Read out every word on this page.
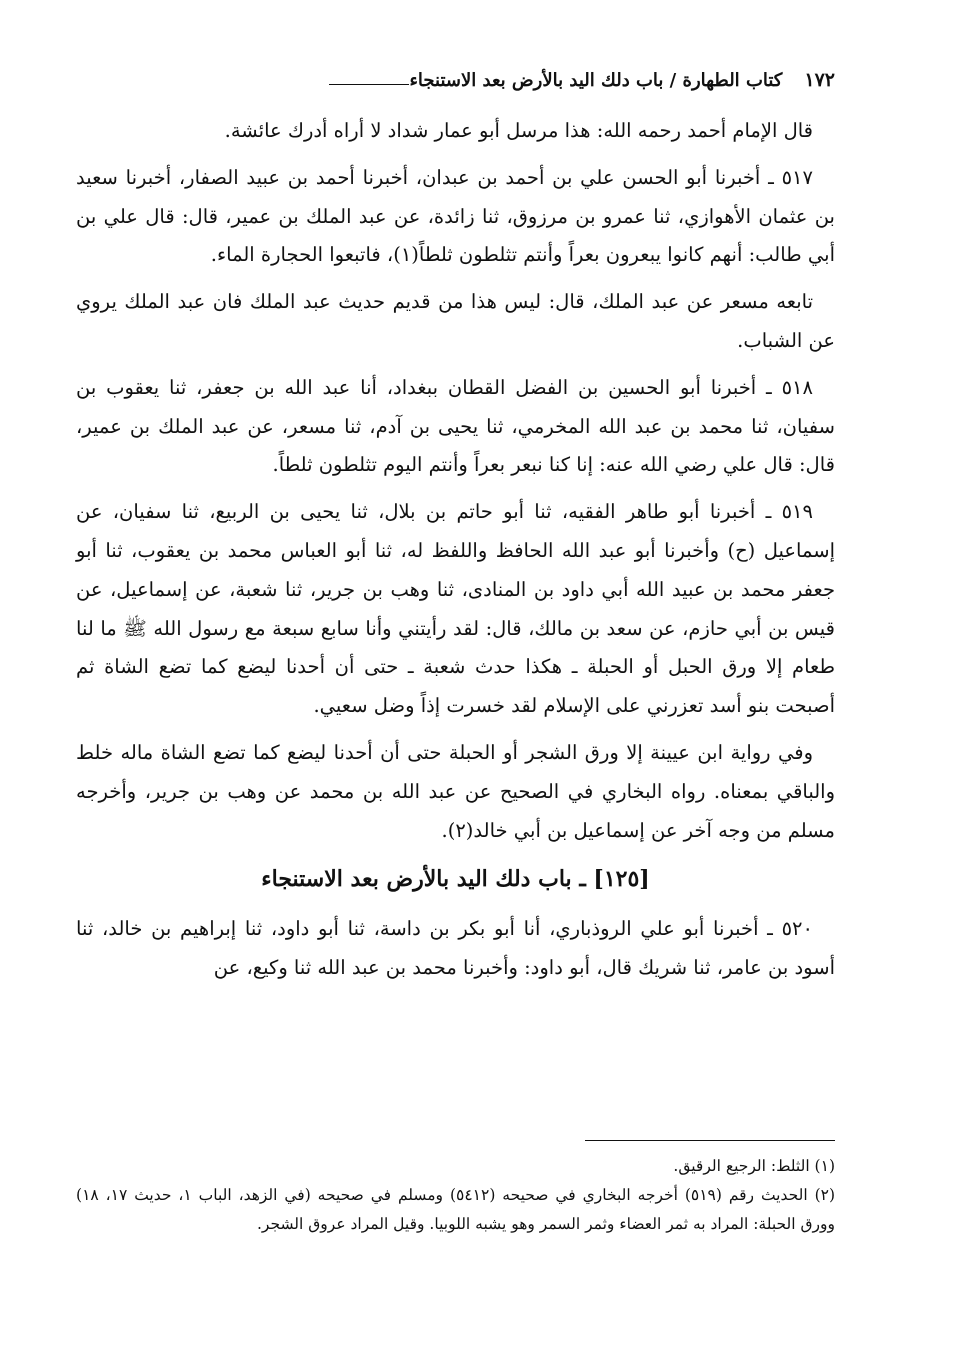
١٧٢
كتاب الطهارة / باب دلك اليد بالأرض بعد الاستنجاء

قال الإمام أحمد رحمه الله: هذا مرسل أبو عمار شداد لا أراه أدرك عائشة.

٥١٧ ـ أخبرنا أبو الحسن علي بن أحمد بن عبدان، أخبرنا أحمد بن عبيد الصفار، أخبرنا سعيد بن عثمان الأهوازي، ثنا عمرو بن مرزوق، ثنا زائدة، عن عبد الملك بن عمير، قال: قال علي بن أبي طالب: أنهم كانوا يبعرون بعراً وأنتم تثلطون ثلطاً(١)، فاتبعوا الحجارة الماء.

تابعه مسعر عن عبد الملك، قال: ليس هذا من قديم حديث عبد الملك فان عبد الملك يروي عن الشباب.

٥١٨ ـ أخبرنا أبو الحسين بن الفضل القطان ببغداد، أنا عبد الله بن جعفر، ثنا يعقوب بن سفيان، ثنا محمد بن عبد الله المخرمي، ثنا يحيى بن آدم، ثنا مسعر، عن عبد الملك بن عمير، قال: قال علي رضي الله عنه: إنا كنا نبعر بعراً وأنتم اليوم تثلطون ثلطاً.

٥١٩ ـ أخبرنا أبو طاهر الفقيه، ثنا أبو حاتم بن بلال، ثنا يحيى بن الربيع، ثنا سفيان، عن إسماعيل (ح) وأخبرنا أبو عبد الله الحافظ واللفظ له، ثنا أبو العباس محمد بن يعقوب، ثنا أبو جعفر محمد بن عبيد الله أبي داود بن المنادى، ثنا وهب بن جرير، ثنا شعبة، عن إسماعيل، عن قيس بن أبي حازم، عن سعد بن مالك، قال: لقد رأيتني وأنا سابع سبعة مع رسول الله ﷺ ما لنا طعام إلا ورق الحبل أو الحبلة ـ هكذا حدث شعبة ـ حتى أن أحدنا ليضع كما تضع الشاة ثم أصبحت بنو أسد تعزرني على الإسلام لقد خسرت إذاً وضل سعيي.

وفي رواية ابن عيينة إلا ورق الشجر أو الحبلة حتى أن أحدنا ليضع كما تضع الشاة ماله خلط والباقي بمعناه. رواه البخاري في الصحيح عن عبد الله بن محمد عن وهب بن جرير، وأخرجه مسلم من وجه آخر عن إسماعيل بن أبي خالد(٢).

[١٢٥] ـ باب دلك اليد بالأرض بعد الاستنجاء

٥٢٠ ـ أخبرنا أبو علي الروذباري، أنا أبو بكر بن داسة، ثنا أبو داود، ثنا إبراهيم بن خالد، ثنا أسود بن عامر، ثنا شريك قال، أبو داود: وأخبرنا محمد بن عبد الله ثنا وكيع، عن

(١) الثلط: الرجيع الرقيق.
(٢) الحديث رقم (٥١٩) أخرجه البخاري في صحيحه (٥٤١٢) ومسلم في صحيحه (في الزهد، الباب ١، حديث ١٧، ١٨) وورق الحبلة: المراد به ثمر العضاء وثمر السمر وهو يشبه اللوبيا. وقيل المراد عروق الشجر.
